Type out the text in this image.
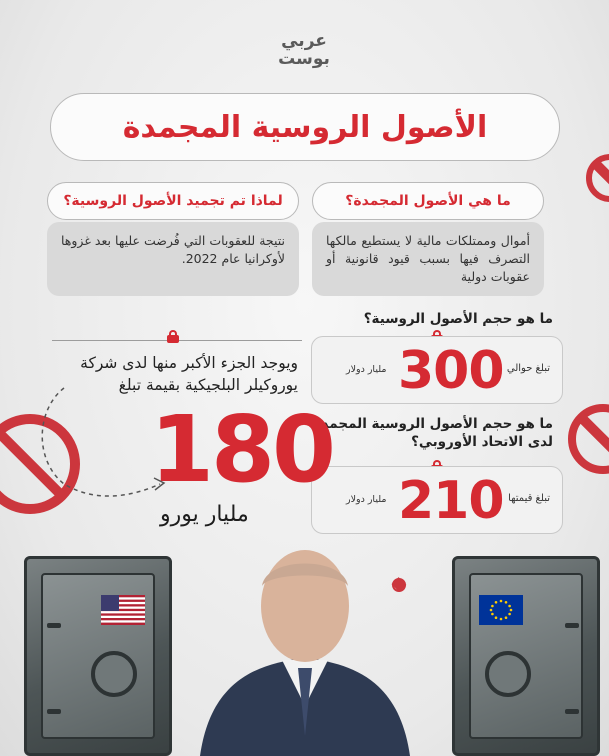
عربي
بوست
الأصول الروسية المجمدة
ما هي الأصول المجمدة؟
أموال وممتلكات مالية لا يستطيع مالكها التصرف فيها بسبب قيود قانونية أو عقوبات دولية
لماذا تم تجميد الأصول الروسية؟
نتيجة للعقوبات التي فُرضت عليها بعد غزوها لأوكرانيا عام 2022.
ما هو حجم الأصول الروسية؟
تبلغ حوالي
300
مليار دولار
ما هو حجم الأصول الروسية المجمدة لدى الاتحاد الأوروبي؟
تبلغ قيمتها
210
مليار دولار
ويوجد الجزء الأكبر منها لدى شركة يوروكيلر البلجيكية بقيمة تبلغ
180
مليار يورو
